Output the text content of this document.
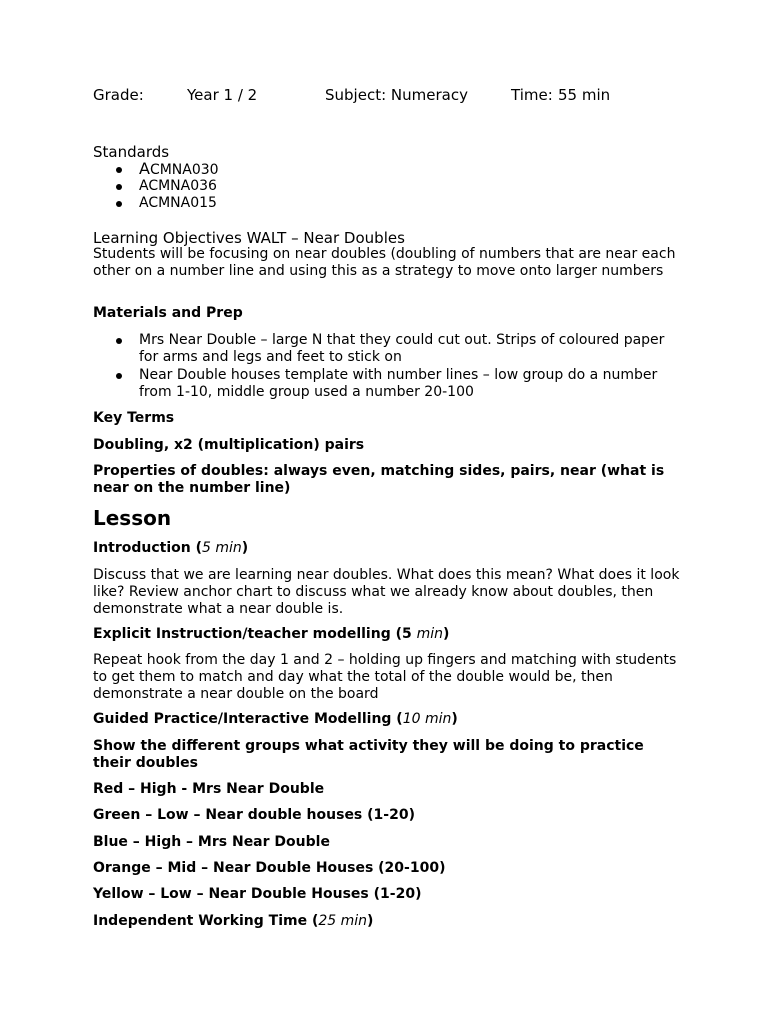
Grade:	Year 1 / 2	Subject: Numeracy	Time: 55 min
Standards
ACMNA030
ACMNA036
ACMNA015
Learning Objectives WALT – Near Doubles
Students will be focusing on near doubles (doubling of numbers that are near each other on a number line and using this as a strategy to move onto larger numbers
Materials and Prep
Mrs Near Double – large N that they could cut out. Strips of coloured paper for arms and legs and feet to stick on
Near Double houses template with number lines – low group do a number from 1-10, middle group used a number 20-100
Key Terms
Doubling, x2 (multiplication) pairs
Properties of doubles: always even, matching sides, pairs, near (what is near on the number line)
Lesson
Introduction (5 min)
Discuss that we are learning near doubles. What does this mean? What does it look like? Review anchor chart to discuss what we already know about doubles, then demonstrate what a near double is.
Explicit Instruction/teacher modelling (5 min)
Repeat hook from the day 1 and 2 – holding up fingers and matching with students to get them to match and day what the total of the double would be, then demonstrate a near double on the board
Guided Practice/Interactive Modelling (10 min)
Show the different groups what activity they will be doing to practice their doubles
Red – High - Mrs Near Double
Green – Low – Near double houses (1-20)
Blue – High – Mrs Near Double
Orange – Mid – Near Double Houses (20-100)
Yellow – Low – Near Double Houses (1-20)
Independent Working Time (25 min)
